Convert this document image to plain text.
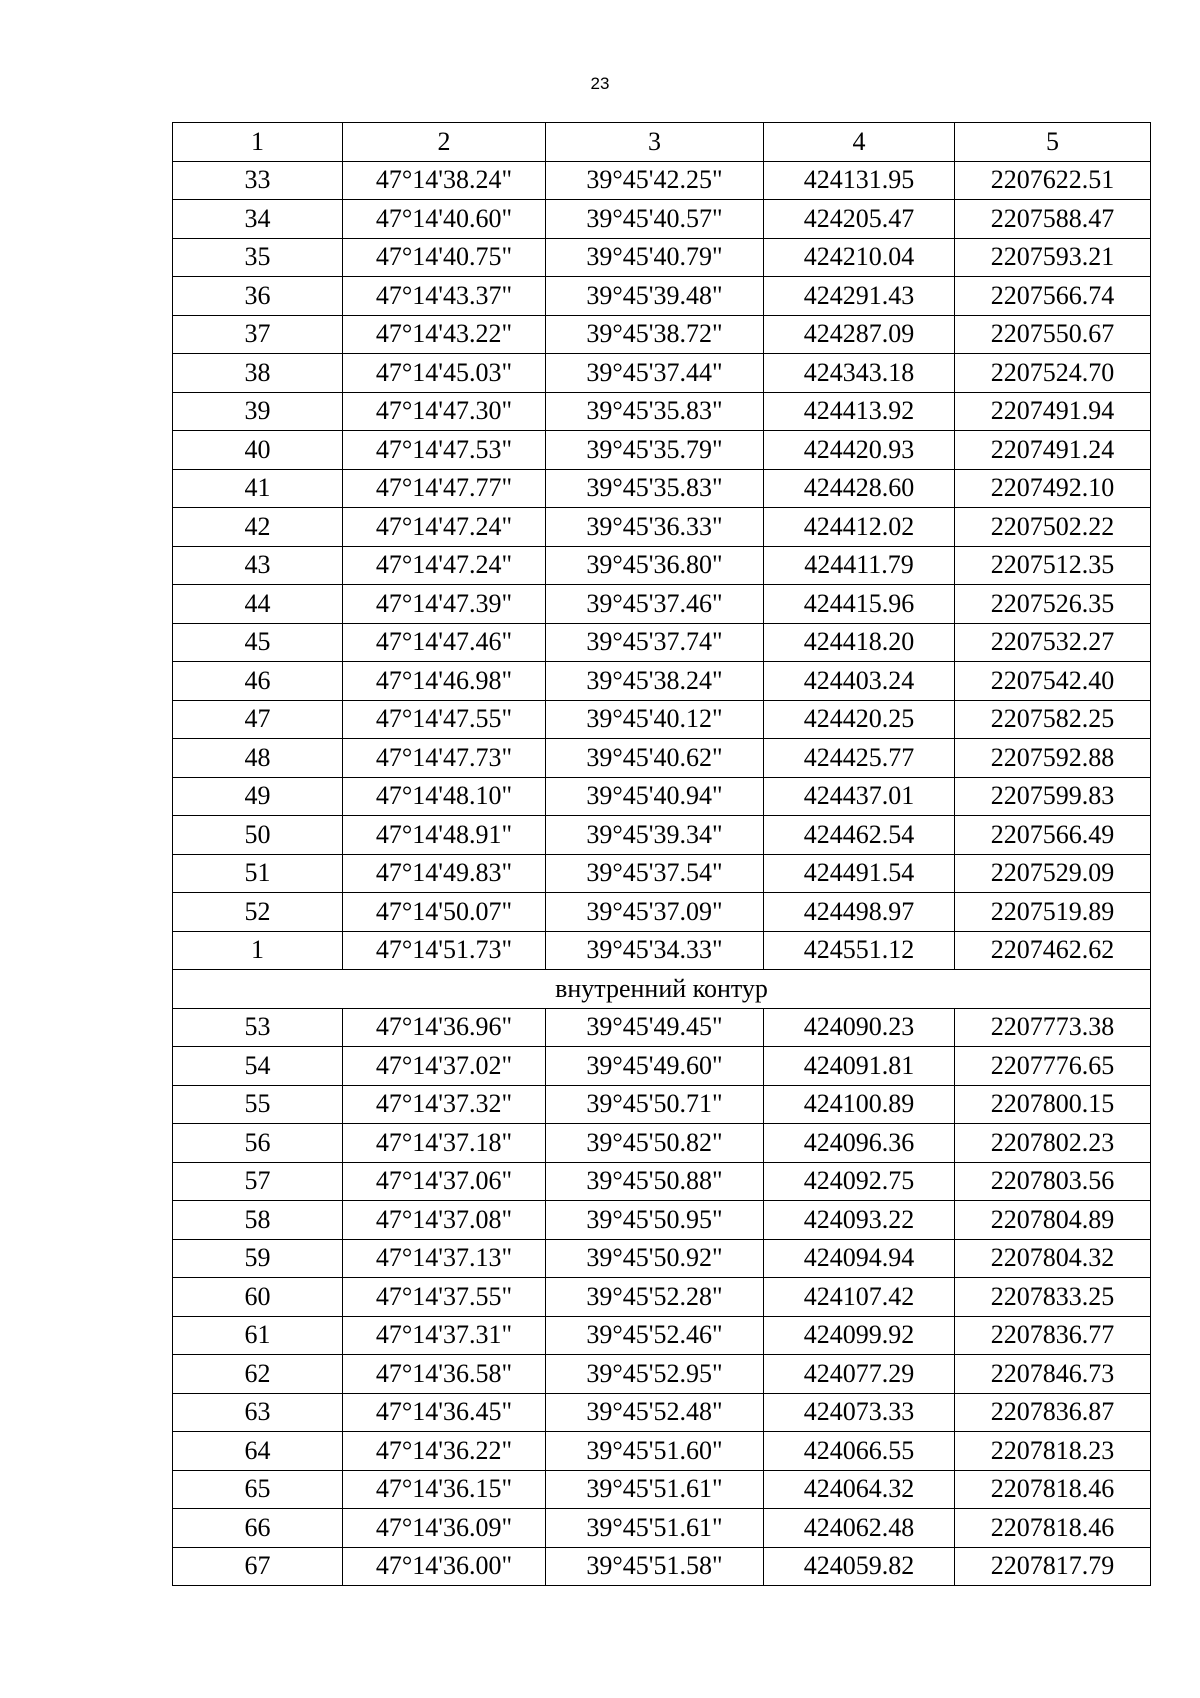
23
1	2	3	4	5
33	47°14'38.24"	39°45'42.25"	424131.95	2207622.51
34	47°14'40.60"	39°45'40.57"	424205.47	2207588.47
35	47°14'40.75"	39°45'40.79"	424210.04	2207593.21
36	47°14'43.37"	39°45'39.48"	424291.43	2207566.74
37	47°14'43.22"	39°45'38.72"	424287.09	2207550.67
38	47°14'45.03"	39°45'37.44"	424343.18	2207524.70
39	47°14'47.30"	39°45'35.83"	424413.92	2207491.94
40	47°14'47.53"	39°45'35.79"	424420.93	2207491.24
41	47°14'47.77"	39°45'35.83"	424428.60	2207492.10
42	47°14'47.24"	39°45'36.33"	424412.02	2207502.22
43	47°14'47.24"	39°45'36.80"	424411.79	2207512.35
44	47°14'47.39"	39°45'37.46"	424415.96	2207526.35
45	47°14'47.46"	39°45'37.74"	424418.20	2207532.27
46	47°14'46.98"	39°45'38.24"	424403.24	2207542.40
47	47°14'47.55"	39°45'40.12"	424420.25	2207582.25
48	47°14'47.73"	39°45'40.62"	424425.77	2207592.88
49	47°14'48.10"	39°45'40.94"	424437.01	2207599.83
50	47°14'48.91"	39°45'39.34"	424462.54	2207566.49
51	47°14'49.83"	39°45'37.54"	424491.54	2207529.09
52	47°14'50.07"	39°45'37.09"	424498.97	2207519.89
1	47°14'51.73"	39°45'34.33"	424551.12	2207462.62
внутренний контур				
53	47°14'36.96"	39°45'49.45"	424090.23	2207773.38
54	47°14'37.02"	39°45'49.60"	424091.81	2207776.65
55	47°14'37.32"	39°45'50.71"	424100.89	2207800.15
56	47°14'37.18"	39°45'50.82"	424096.36	2207802.23
57	47°14'37.06"	39°45'50.88"	424092.75	2207803.56
58	47°14'37.08"	39°45'50.95"	424093.22	2207804.89
59	47°14'37.13"	39°45'50.92"	424094.94	2207804.32
60	47°14'37.55"	39°45'52.28"	424107.42	2207833.25
61	47°14'37.31"	39°45'52.46"	424099.92	2207836.77
62	47°14'36.58"	39°45'52.95"	424077.29	2207846.73
63	47°14'36.45"	39°45'52.48"	424073.33	2207836.87
64	47°14'36.22"	39°45'51.60"	424066.55	2207818.23
65	47°14'36.15"	39°45'51.61"	424064.32	2207818.46
66	47°14'36.09"	39°45'51.61"	424062.48	2207818.46
67	47°14'36.00"	39°45'51.58"	424059.82	2207817.79
